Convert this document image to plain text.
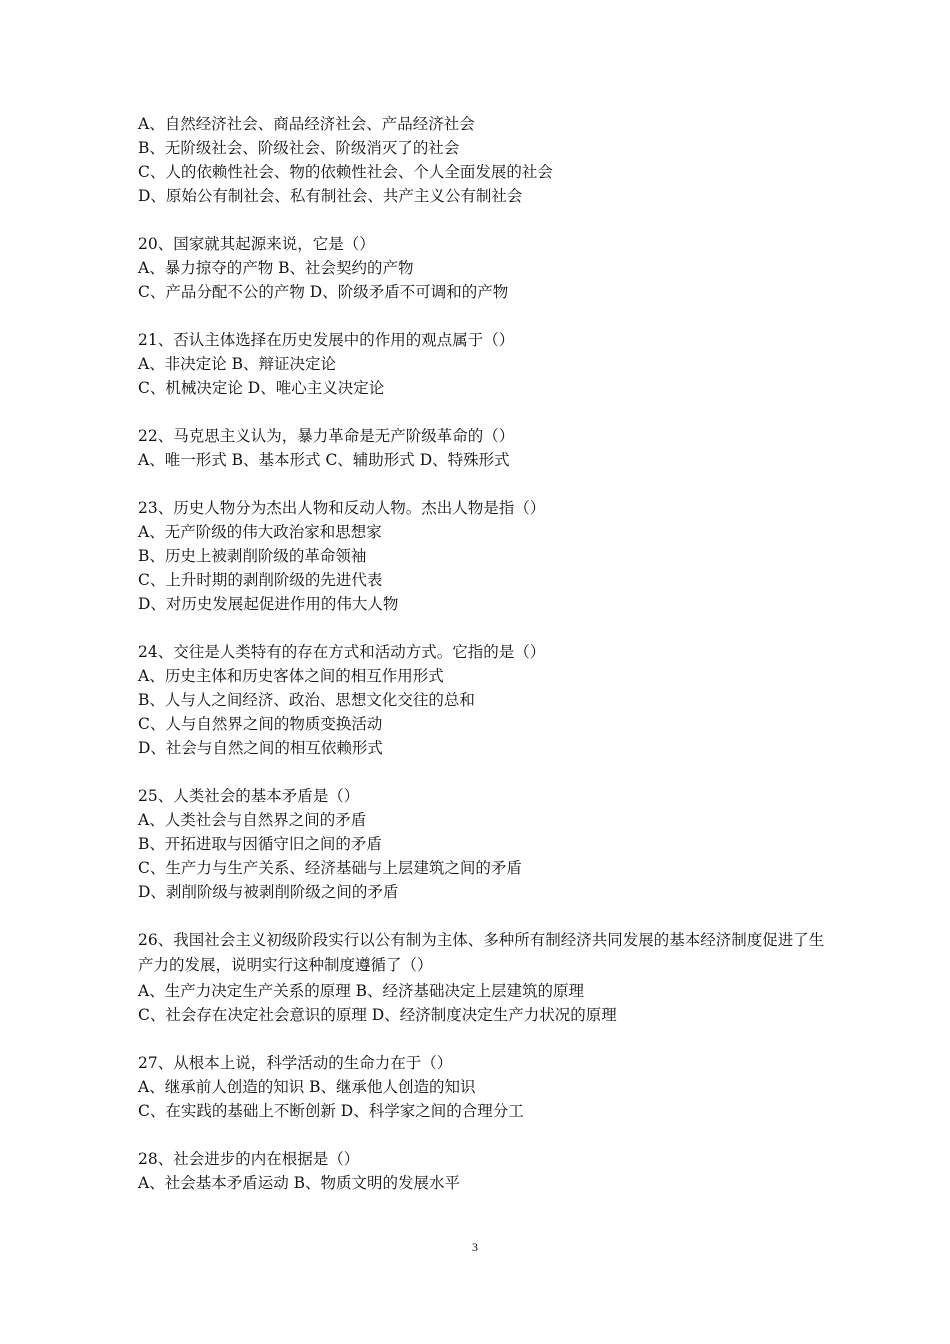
A、自然经济社会、商品经济社会、产品经济社会
B、无阶级社会、阶级社会、阶级消灭了的社会
C、人的依赖性社会、物的依赖性社会、个人全面发展的社会
D、原始公有制社会、私有制社会、共产主义公有制社会
20、国家就其起源来说，它是（）
A、暴力掠夺的产物 B、社会契约的产物
C、产品分配不公的产物 D、阶级矛盾不可调和的产物
21、否认主体选择在历史发展中的作用的观点属于（）
A、非决定论 B、辩证决定论
C、机械决定论 D、唯心主义决定论
22、马克思主义认为，暴力革命是无产阶级革命的（）
A、唯一形式 B、基本形式 C、辅助形式 D、特殊形式
23、历史人物分为杰出人物和反动人物。杰出人物是指（）
A、无产阶级的伟大政治家和思想家
B、历史上被剥削阶级的革命领袖
C、上升时期的剥削阶级的先进代表
D、对历史发展起促进作用的伟大人物
24、交往是人类特有的存在方式和活动方式。它指的是（）
A、历史主体和历史客体之间的相互作用形式
B、人与人之间经济、政治、思想文化交往的总和
C、人与自然界之间的物质变换活动
D、社会与自然之间的相互依赖形式
25、人类社会的基本矛盾是（）
A、人类社会与自然界之间的矛盾
B、开拓进取与因循守旧之间的矛盾
C、生产力与生产关系、经济基础与上层建筑之间的矛盾
D、剥削阶级与被剥削阶级之间的矛盾
26、我国社会主义初级阶段实行以公有制为主体、多种所有制经济共同发展的基本经济制度促进了生产力的发展，说明实行这种制度遵循了（）
A、生产力决定生产关系的原理 B、经济基础决定上层建筑的原理
C、社会存在决定社会意识的原理 D、经济制度决定生产力状况的原理
27、从根本上说，科学活动的生命力在于（）
A、继承前人创造的知识 B、继承他人创造的知识
C、在实践的基础上不断创新 D、科学家之间的合理分工
28、社会进步的内在根据是（）
A、社会基本矛盾运动 B、物质文明的发展水平
3
